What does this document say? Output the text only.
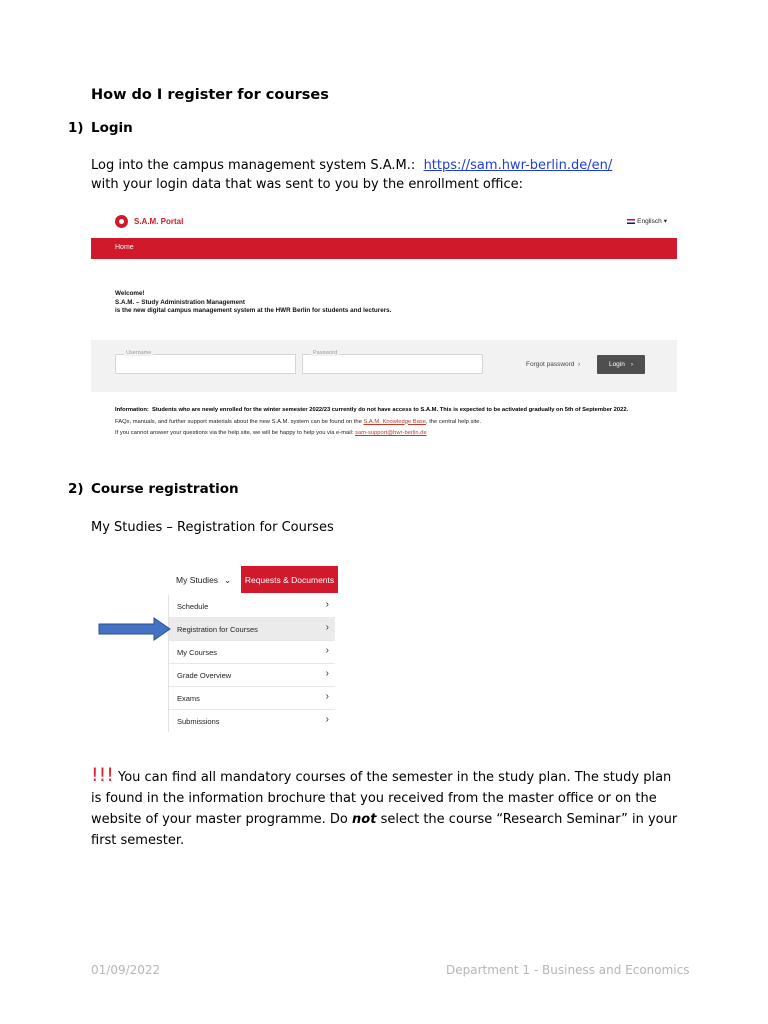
How do I register for courses
1) Login
Log into the campus management system S.A.M.: https://sam.hwr-berlin.de/en/
with your login data that was sent to you by the enrollment office:
S.A.M. Portal	Englisch ▾
Home
Welcome!
S.A.M. – Study Administration Management
is the new digital campus management system at the HWR Berlin for students and lecturers.
Username	Password
Forgot password ›	Login ›
Information: Students who are newly enrolled for the winter semester 2022/23 currently do not have access to S.A.M. This is expected to be activated gradually on 5th of September 2022.
FAQs, manuals, and further support materials about the new S.A.M. system can be found on the S.A.M. Knowledge Base, the central help site.
If you cannot answer your questions via the help site, we will be happy to help you via e-mail: sam-support@hwr-berlin.de
2) Course registration
My Studies – Registration for Courses
My Studies ⌄	Requests & Documents
Schedule	›
Registration for Courses	›
My Courses	›
Grade Overview	›
Exams	›
Submissions	›
!!! You can find all mandatory courses of the semester in the study plan. The study plan is found in the information brochure that you received from the master office or on the website of your master programme. Do not select the course “Research Seminar” in your first semester.
01/09/2022	Department 1 - Business and Economics
